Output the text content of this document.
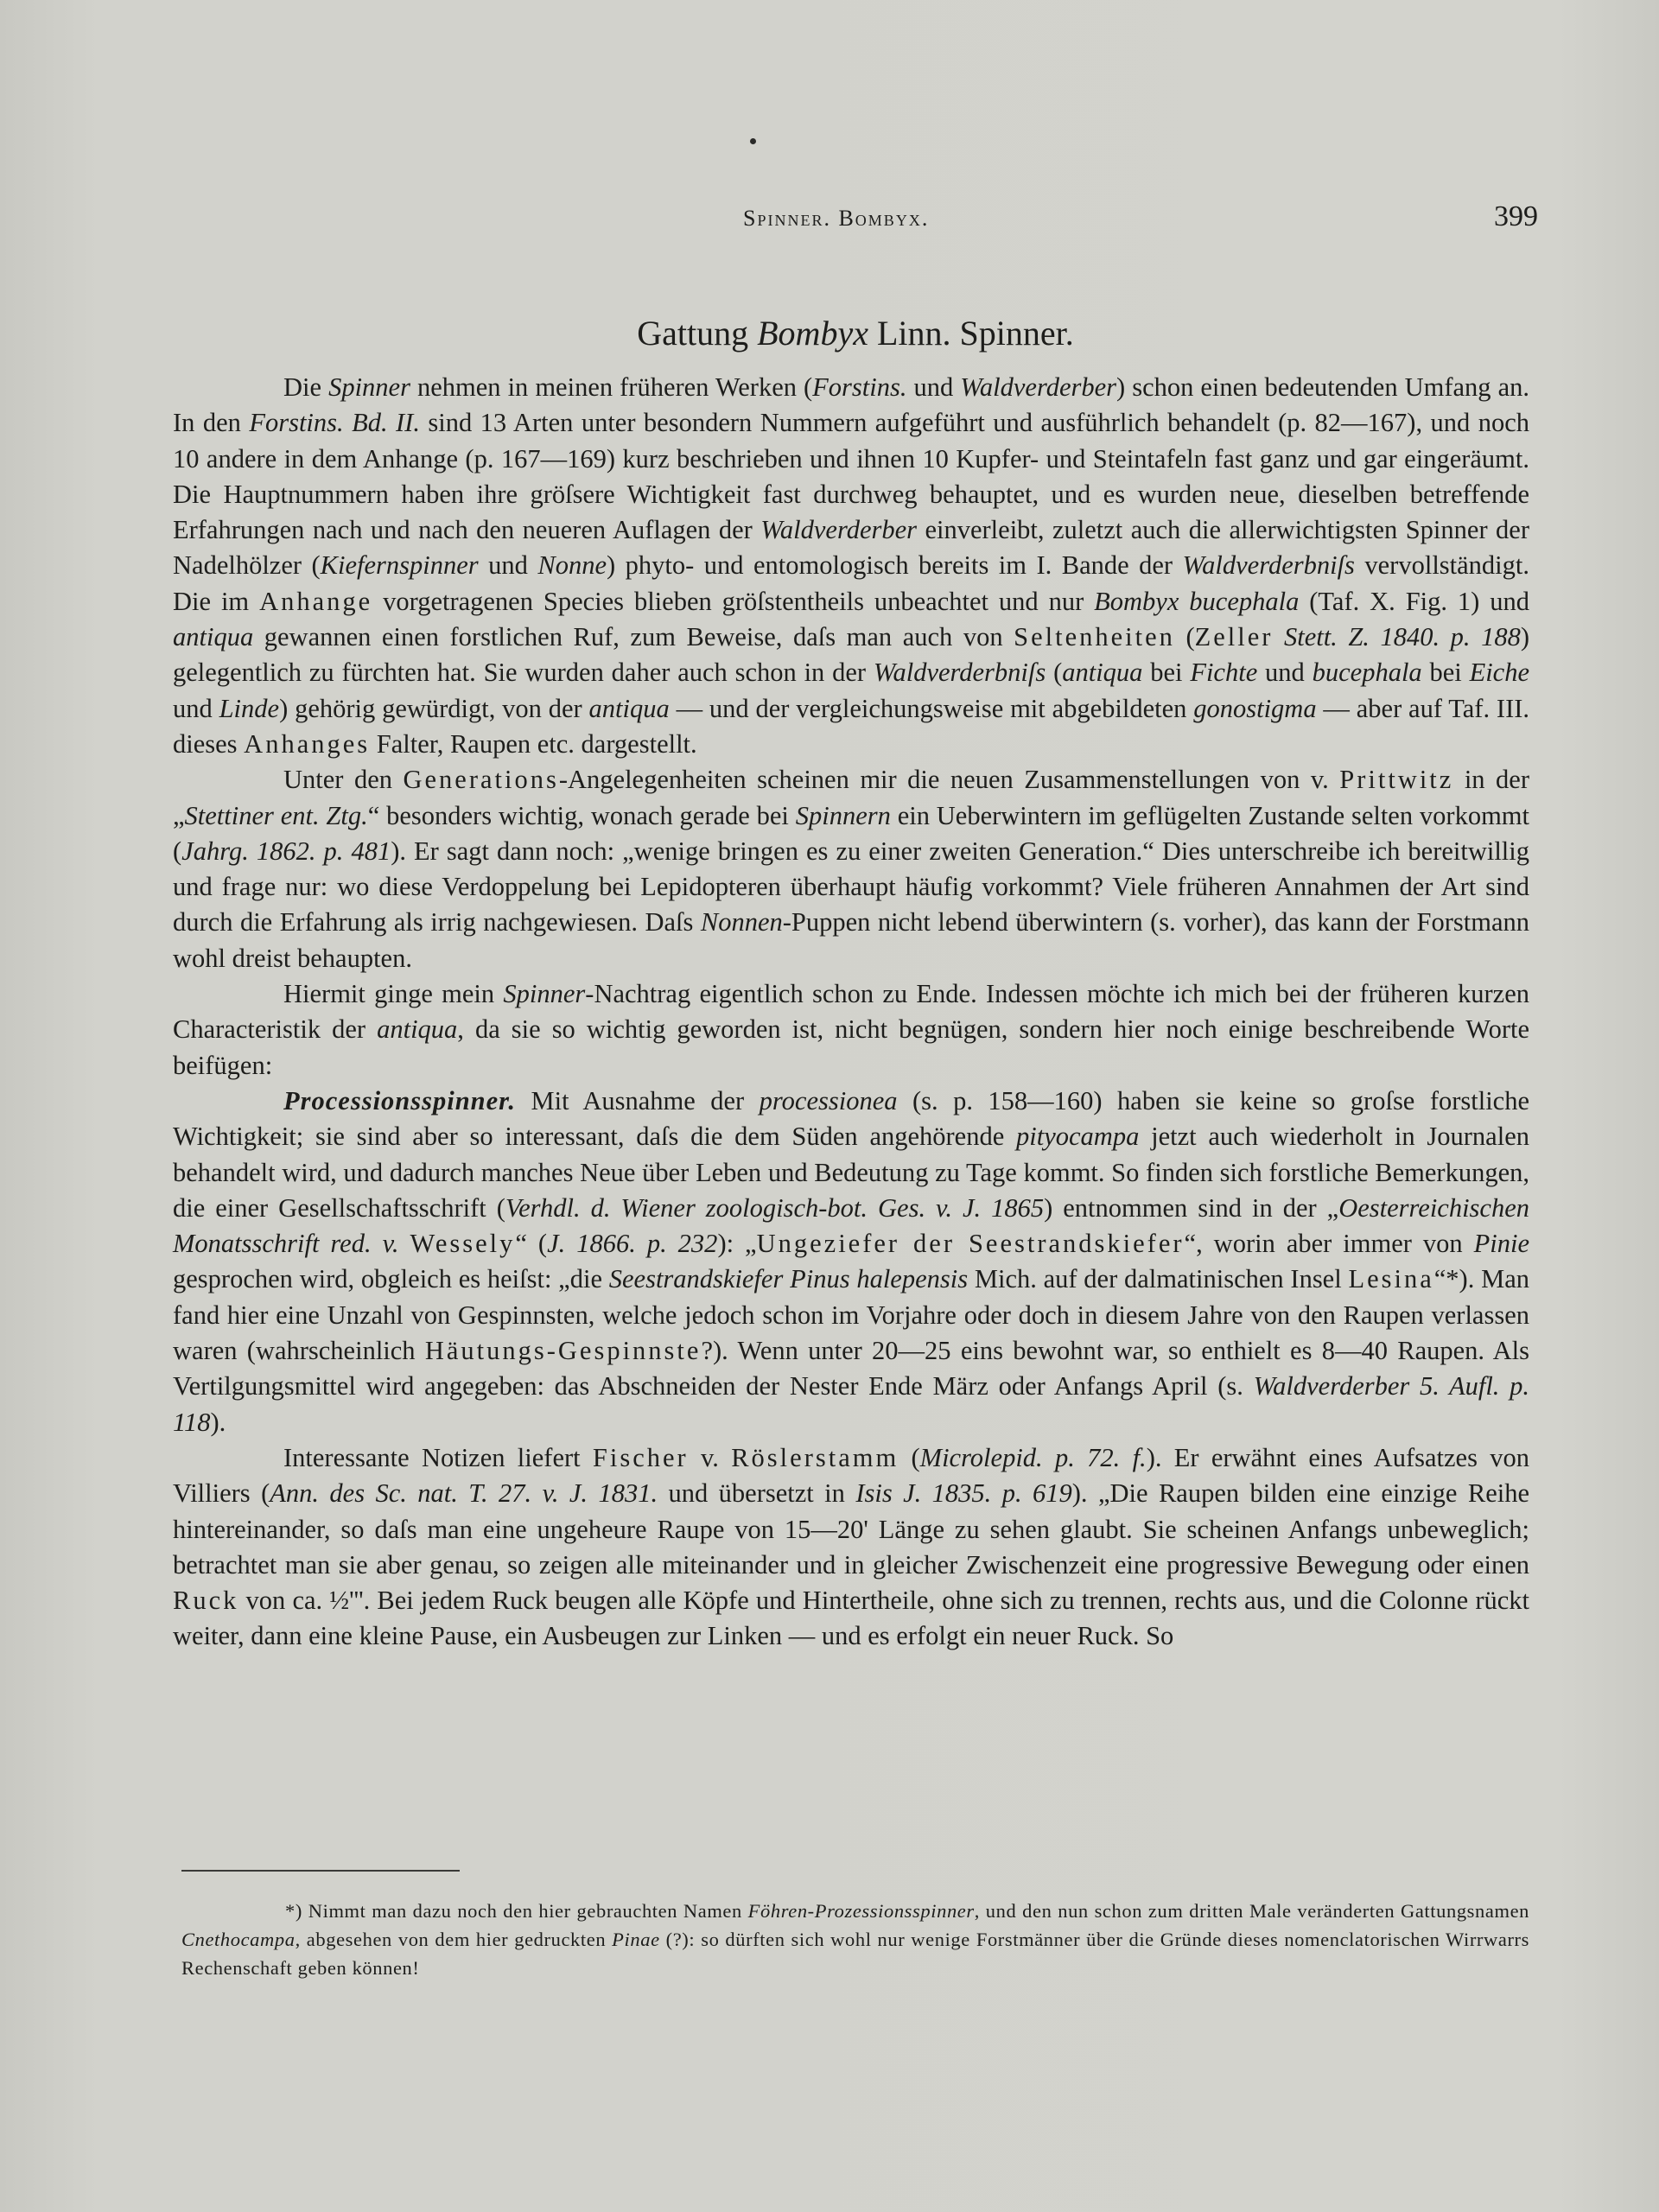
Spinner. Bombyx.	399
Gattung Bombyx Linn. Spinner.

Die Spinner nehmen in meinen früheren Werken (Forstins. und Waldverderber) schon einen bedeutenden Umfang an. In den Forstins. Bd. II. sind 13 Arten unter besondern Nummern aufgeführt und ausführlich behandelt (p. 82—167), und noch 10 andere in dem Anhange (p. 167—169) kurz beschrieben und ihnen 10 Kupfer- und Steintafeln fast ganz und gar eingeräumt. Die Hauptnummern haben ihre gröſsere Wichtigkeit fast durchweg behauptet, und es wurden neue, dieselben betreffende Erfahrungen nach und nach den neueren Auflagen der Waldverderber einverleibt, zuletzt auch die allerwichtigsten Spinner der Nadelhölzer (Kiefernspinner und Nonne) phyto- und entomologisch bereits im I. Bande der Waldverderbniſs vervollständigt. Die im Anhange vorgetragenen Species blieben gröſstentheils unbeachtet und nur Bombyx bucephala (Taf. X. Fig. 1) und antiqua gewannen einen forstlichen Ruf, zum Beweise, daſs man auch von Seltenheiten (Zeller Stett. Z. 1840. p. 188) gelegentlich zu fürchten hat. Sie wurden daher auch schon in der Waldverderbniſs (antiqua bei Fichte und bucephala bei Eiche und Linde) gehörig gewürdigt, von der antiqua — und der vergleichungsweise mit abgebildeten gonostigma — aber auf Taf. III. dieses Anhanges Falter, Raupen etc. dargestellt.

Unter den Generations-Angelegenheiten scheinen mir die neuen Zusammenstellungen von v. Prittwitz in der „Stettiner ent. Ztg.“ besonders wichtig, wonach gerade bei Spinnern ein Ueberwintern im geflügelten Zustande selten vorkommt (Jahrg. 1862. p. 481). Er sagt dann noch: „wenige bringen es zu einer zweiten Generation.“ Dies unterschreibe ich bereitwillig und frage nur: wo diese Verdoppelung bei Lepidopteren überhaupt häufig vorkommt? Viele früheren Annahmen der Art sind durch die Erfahrung als irrig nachgewiesen. Daſs Nonnen-Puppen nicht lebend überwintern (s. vorher), das kann der Forstmann wohl dreist behaupten.

Hiermit ginge mein Spinner-Nachtrag eigentlich schon zu Ende. Indessen möchte ich mich bei der früheren kurzen Characteristik der antiqua, da sie so wichtig geworden ist, nicht begnügen, sondern hier noch einige beschreibende Worte beifügen:

Processionsspinner. Mit Ausnahme der processionea (s. p. 158—160) haben sie keine so groſse forstliche Wichtigkeit; sie sind aber so interessant, daſs die dem Süden angehörende pityocampa jetzt auch wiederholt in Journalen behandelt wird, und dadurch manches Neue über Leben und Bedeutung zu Tage kommt. So finden sich forstliche Bemerkungen, die einer Gesellschaftsschrift (Verhdl. d. Wiener zoologisch-bot. Ges. v. J. 1865) entnommen sind in der „Oesterreichischen Monatsschrift red. v. Wessely“ (J. 1866. p. 232): „Ungeziefer der Seestrandskiefer“, worin aber immer von Pinie gesprochen wird, obgleich es heiſst: „die Seestrandskiefer Pinus halepensis Mich. auf der dalmatinischen Insel Lesina“*). Man fand hier eine Unzahl von Gespinnsten, welche jedoch schon im Vorjahre oder doch in diesem Jahre von den Raupen verlassen waren (wahrscheinlich Häutungs-Gespinnste?). Wenn unter 20—25 eins bewohnt war, so enthielt es 8—40 Raupen. Als Vertilgungsmittel wird angegeben: das Abschneiden der Nester Ende März oder Anfangs April (s. Waldverderber 5. Aufl. p. 118).

Interessante Notizen liefert Fischer v. Röslerstamm (Microlepid. p. 72. f.). Er erwähnt eines Aufsatzes von Villiers (Ann. des Sc. nat. T. 27. v. J. 1831. und übersetzt in Isis J. 1835. p. 619). „Die Raupen bilden eine einzige Reihe hintereinander, so daſs man eine ungeheure Raupe von 15—20' Länge zu sehen glaubt. Sie scheinen Anfangs unbeweglich; betrachtet man sie aber genau, so zeigen alle miteinander und in gleicher Zwischenzeit eine progressive Bewegung oder einen Ruck von ca. ½'''. Bei jedem Ruck beugen alle Köpfe und Hintertheile, ohne sich zu trennen, rechts aus, und die Colonne rückt weiter, dann eine kleine Pause, ein Ausbeugen zur Linken — und es erfolgt ein neuer Ruck. So

*) Nimmt man dazu noch den hier gebrauchten Namen Föhren-Prozessionsspinner, und den nun schon zum dritten Male veränderten Gattungsnamen Cnethocampa, abgesehen von dem hier gedruckten Pinae (?): so dürften sich wohl nur wenige Forstmänner über die Gründe dieses nomenclatorischen Wirrwarrs Rechenschaft geben können!
